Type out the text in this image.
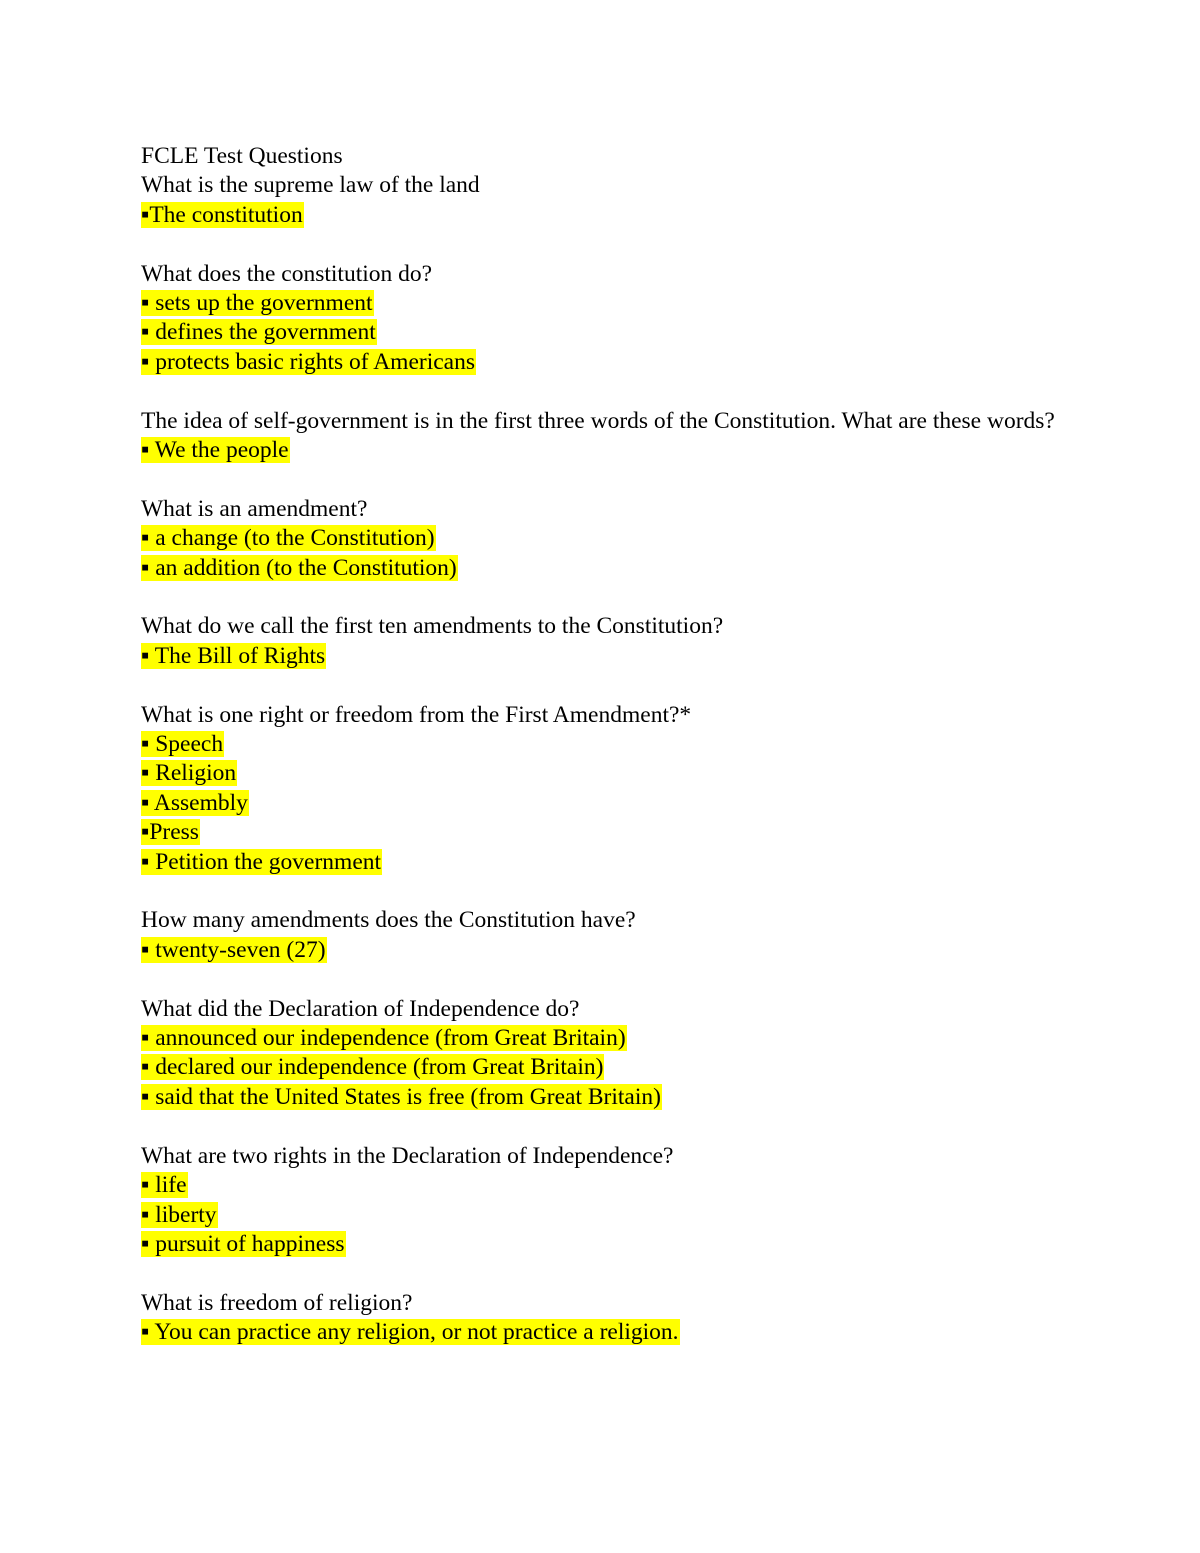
FCLE Test Questions

What is the supreme law of the land

▪The constitution

What does the constitution do?

▪ sets up the government

▪ defines the government

▪ protects basic rights of Americans

The idea of self-government is in the first three words of the Constitution. What are these words?

▪ We the people

What is an amendment?

▪ a change (to the Constitution)

▪ an addition (to the Constitution)

What do we call the first ten amendments to the Constitution?

▪ The Bill of Rights

What is one right or freedom from the First Amendment?*

▪ Speech

▪ Religion

▪ Assembly

▪Press

▪ Petition the government

How many amendments does the Constitution have?

▪ twenty-seven (27)

What did the Declaration of Independence do?

▪ announced our independence (from Great Britain)

▪ declared our independence (from Great Britain)

▪ said that the United States is free (from Great Britain)

What are two rights in the Declaration of Independence?

▪ life

▪ liberty

▪ pursuit of happiness

What is freedom of religion?

▪ You can practice any religion, or not practice a religion.
